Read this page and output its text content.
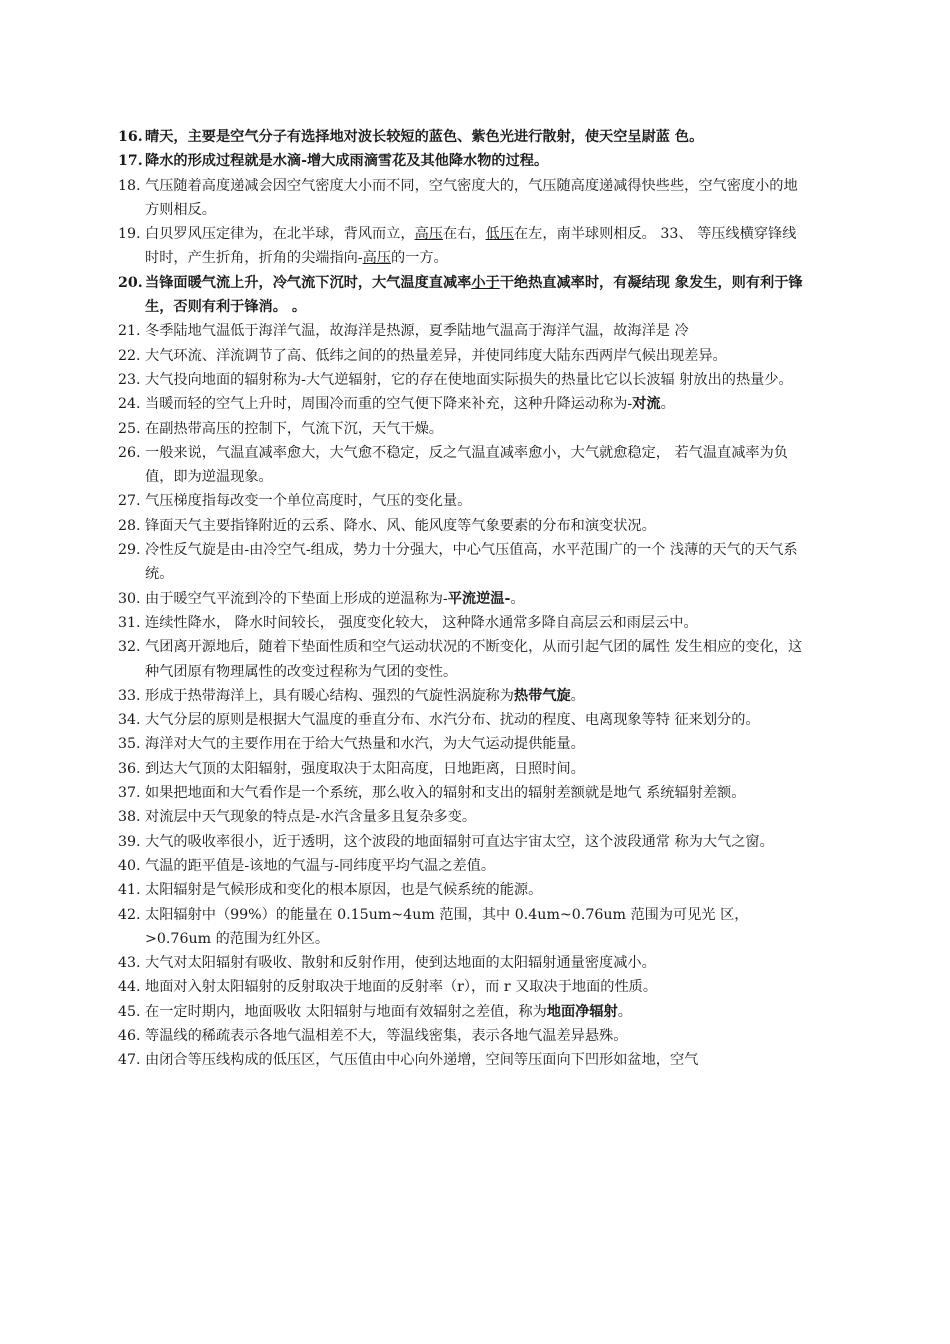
16. 晴天，主要是空气分子有选择地对波长较短的蓝色、紫色光进行散射，使天空呈尉蓝 色。
17. 降水的形成过程就是水滴-增大成雨滴雪花及其他降水物的过程。
18. 气压随着高度递减会因空气密度大小而不同，空气密度大的，气压随高度递减得快些些，空气密度小的地方则相反。
19. 白贝罗风压定律为，在北半球，背风而立，高压在右，低压在左，南半球则相反。 33、 等压线横穿锋线时时，产生折角，折角的尖端指向-高压的一方。
20. 当锋面暖气流上升，冷气流下沉时，大气温度直减率小于干绝热直减率时，有凝结现 象发生，则有利于锋生，否则有利于锋消。 。
21. 冬季陆地气温低于海洋气温，故海洋是热源，夏季陆地气温高于海洋气温，故海洋是 冷
22. 大气环流、洋流调节了高、低纬之间的的热量差异，并使同纬度大陆东西两岸气候出现差异。
23. 大气投向地面的辐射称为-大气逆辐射，它的存在使地面实际损失的热量比它以长波辐 射放出的热量少。
24. 当暖而轻的空气上升时，周围冷而重的空气便下降来补充，这种升降运动称为-对流。
25. 在副热带高压的控制下，气流下沉，天气干燥。
26. 一般来说，气温直减率愈大，大气愈不稳定，反之气温直减率愈小，大气就愈稳定， 若气温直减率为负值，即为逆温现象。
27. 气压梯度指每改变一个单位高度时，气压的变化量。
28. 锋面天气主要指锋附近的云系、降水、风、能风度等气象要素的分布和演变状况。
29. 冷性反气旋是由-由冷空气-组成，势力十分强大，中心气压值高，水平范围广的一个 浅薄的天气的天气系统。
30. 由于暖空气平流到冷的下垫面上形成的逆温称为-平流逆温-。
31. 连续性降水， 降水时间较长， 强度变化较大， 这种降水通常多降自高层云和雨层云中。
32. 气团离开源地后，随着下垫面性质和空气运动状况的不断变化，从而引起气团的属性 发生相应的变化，这种气团原有物理属性的改变过程称为气团的变性。
33. 形成于热带海洋上，具有暖心结构、强烈的气旋性涡旋称为热带气旋。
34. 大气分层的原则是根据大气温度的垂直分布、水汽分布、扰动的程度、电离现象等特 征来划分的。
35. 海洋对大气的主要作用在于给大气热量和水汽，为大气运动提供能量。
36. 到达大气顶的太阳辐射，强度取决于太阳高度，日地距离，日照时间。
37. 如果把地面和大气看作是一个系统，那么收入的辐射和支出的辐射差额就是地气 系统辐射差额。
38. 对流层中天气现象的特点是-水汽含量多且复杂多变。
39. 大气的吸收率很小，近于透明，这个波段的地面辐射可直达宇宙太空，这个波段通常 称为大气之窗。
40. 气温的距平值是-该地的气温与-同纬度平均气温之差值。
41. 太阳辐射是气候形成和变化的根本原因，也是气候系统的能源。
42. 太阳辐射中（99%）的能量在 0.15um~4um 范围，其中 0.4um~0.76um 范围为可见光 区，>0.76um 的范围为红外区。
43. 大气对太阳辐射有吸收、散射和反射作用，使到达地面的太阳辐射通量密度减小。
44. 地面对入射太阳辐射的反射取决于地面的反射率（r），而 r 又取决于地面的性质。
45. 在一定时期内，地面吸收 太阳辐射与地面有效辐射之差值，称为地面净辐射。
46. 等温线的稀疏表示各地气温相差不大，等温线密集，表示各地气温差异悬殊。
47. 由闭合等压线构成的低压区，气压值由中心向外递增，空间等压面向下凹形如盆地，空气
